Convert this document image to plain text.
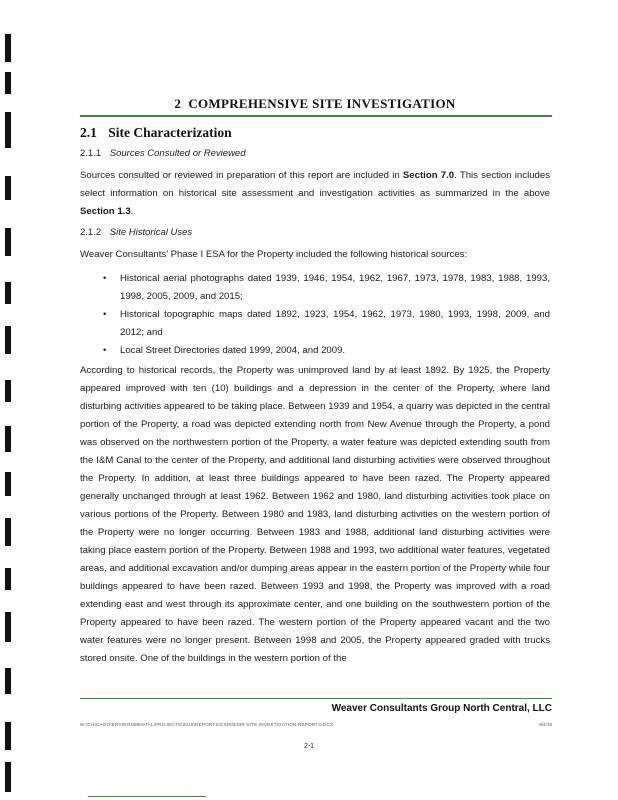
2 COMPREHENSIVE SITE INVESTIGATION
2.1 Site Characterization
2.1.1 Sources Consulted or Reviewed

Sources consulted or reviewed in preparation of this report are included in Section 7.0. This section includes select information on historical site assessment and investigation activities as summarized in the above Section 1.3.

2.1.2 Site Historical Uses

Weaver Consultants’ Phase I ESA for the Property included the following historical sources:

• Historical aerial photographs dated 1939, 1946, 1954, 1962, 1967, 1973, 1978, 1983, 1988, 1993, 1998, 2005, 2009, and 2015;
• Historical topographic maps dated 1892, 1923, 1954, 1962, 1973, 1980, 1993, 1998, 2009, and 2012; and
• Local Street Directories dated 1999, 2004, and 2009.

According to historical records, the Property was unimproved land by at least 1892. By 1925, the Property appeared improved with ten (10) buildings and a depression in the center of the Property, where land disturbing activities appeared to be taking place. Between 1939 and 1954, a quarry was depicted in the central portion of the Property, a road was depicted extending north from New Avenue through the Property, a pond was observed on the northwestern portion of the Property, a water feature was depicted extending south from the I&M Canal to the center of the Property, and additional land disturbing activities were observed throughout the Property. In addition, at least three buildings appeared to have been razed. The Property appeared generally unchanged through at least 1962. Between 1962 and 1980, land disturbing activities took place on various portions of the Property. Between 1980 and 1983, land disturbing activities on the western portion of the Property were no longer occurring. Between 1983 and 1988, additional land disturbing activities were taking place eastern portion of the Property. Between 1988 and 1993, two additional water features, vegetated areas, and additional excavation and/or dumping areas appear in the eastern portion of the Property while four buildings appeared to have been razed. Between 1993 and 1998, the Property was improved with a road extending east and west through its approximate center, and one building on the southwestern portion of the Property appeared to have been razed. The western portion of the Property appeared vacant and the two water features were no longer present. Between 1998 and 2005, the Property appeared graded with trucks stored onsite. One of the buildings in the western portion of the

Weaver Consultants Group North Central, LLC
W:\CHICAGO\ENVIRONMENTAL\PROJECTS\2019\REPORTS\CSIR\ESIR SITE INVESTIGATION REPORT.DOCX	8/4/19
2-1
